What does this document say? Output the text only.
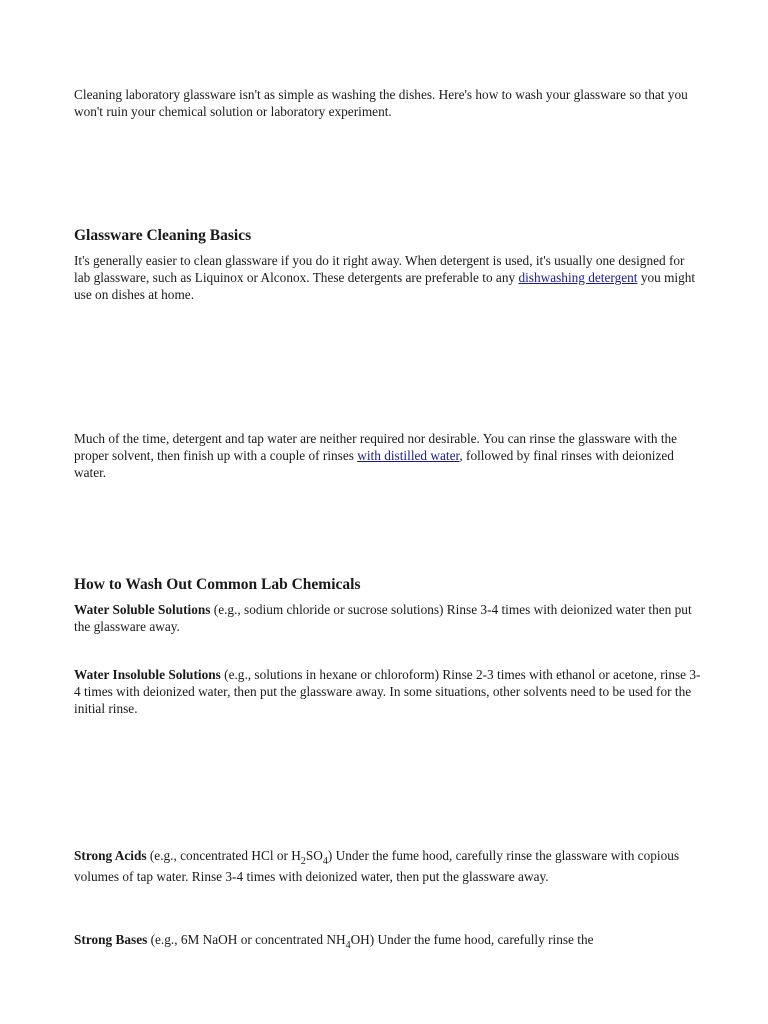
Cleaning laboratory glassware isn't as simple as washing the dishes. Here's how to wash your glassware so that you won't ruin your chemical solution or laboratory experiment.

Glassware Cleaning Basics

It's generally easier to clean glassware if you do it right away. When detergent is used, it's usually one designed for lab glassware, such as Liquinox or Alconox. These detergents are preferable to any dishwashing detergent you might use on dishes at home.

Much of the time, detergent and tap water are neither required nor desirable. You can rinse the glassware with the proper solvent, then finish up with a couple of rinses with distilled water, followed by final rinses with deionized water.

How to Wash Out Common Lab Chemicals

Water Soluble Solutions (e.g., sodium chloride or sucrose solutions) Rinse 3-4 times with deionized water then put the glassware away.

Water Insoluble Solutions (e.g., solutions in hexane or chloroform) Rinse 2-3 times with ethanol or acetone, rinse 3-4 times with deionized water, then put the glassware away. In some situations, other solvents need to be used for the initial rinse.

Strong Acids (e.g., concentrated HCl or $H_2SO_4$) Under the fume hood, carefully rinse the glassware with copious volumes of tap water. Rinse 3-4 times with deionized water, then put the glassware away.

Strong Bases (e.g., 6M NaOH or concentrated $NH_4OH$) Under the fume hood, carefully rinse the
